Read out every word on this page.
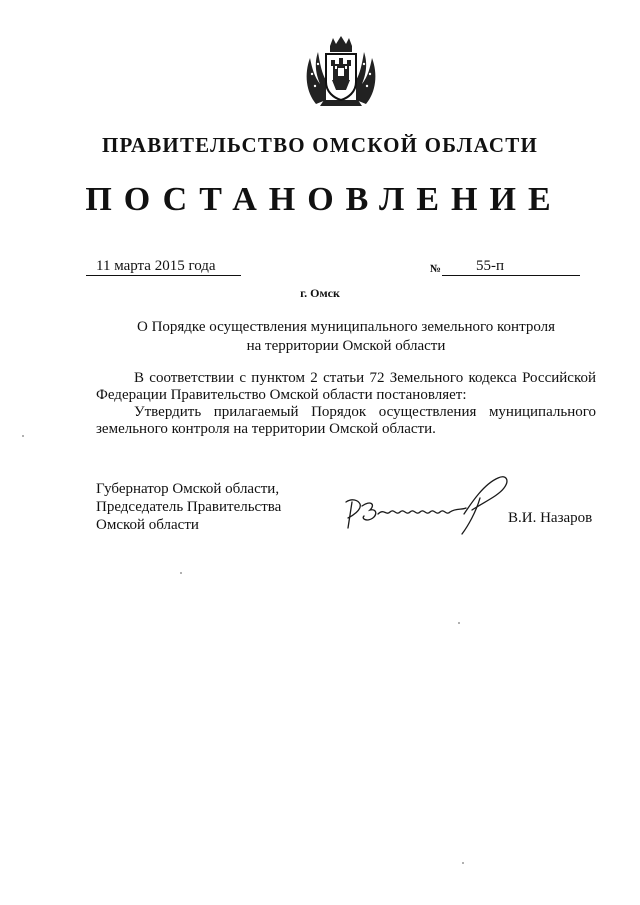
ПРАВИТЕЛЬСТВО ОМСКОЙ ОБЛАСТИ
ПОСТАНОВЛЕНИЕ
11 марта 2015 года	№ 55-п
г. Омск
О Порядке осуществления муниципального земельного контроля
на территории Омской области

В соответствии с пунктом 2 статьи 72 Земельного кодекса Российской Федерации Правительство Омской области постановляет:

Утвердить прилагаемый Порядок осуществления муниципального земельного контроля на территории Омской области.

Губернатор Омской области,
Председатель Правительства
Омской области	В.И. Назаров
